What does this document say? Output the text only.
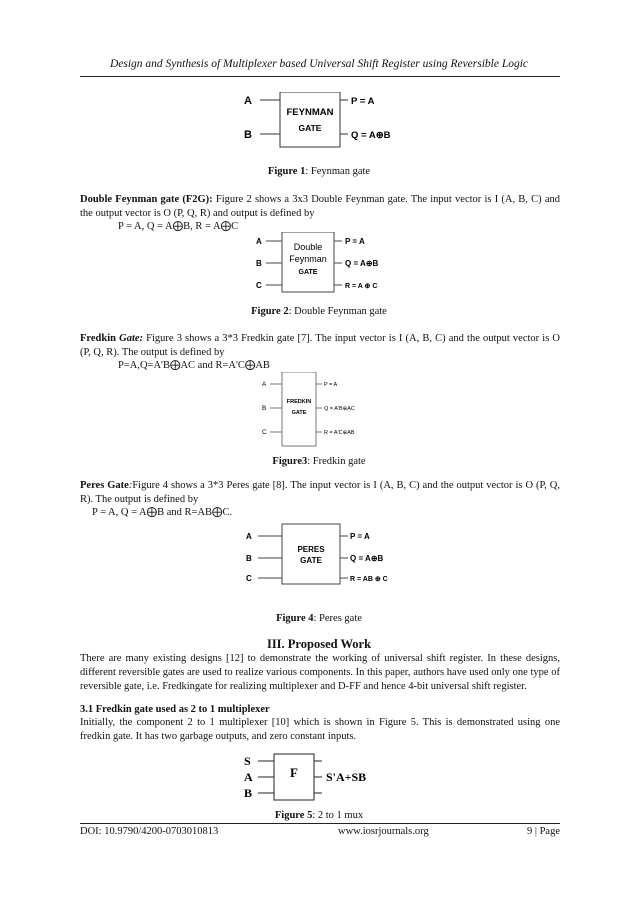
Design and Synthesis of Multiplexer based Universal Shift Register using Reversible Logic
A
B
FEYNMAN
GATE
P = A
Q = A⊕B
Figure 1: Feynman gate
Double Feynman gate (F2G): Figure 2 shows a 3x3 Double Feynman gate. The input vector is I (A, B, C) and the output vector is O (P, Q, R) and output is defined by
P = A, Q = A⨁B, R = A⨁C
A
B
C
Double
Feynman
GATE
P = A
Q = A⊕B
R = A ⊕ C
Figure 2: Double Feynman gate
Fredkin Gate: Figure 3 shows a 3*3 Fredkin gate [7]. The input vector is I (A, B, C) and the output vector is O (P, Q, R). The output is defined by
P=A,Q=A'B⨁AC and R=A'C⨁AB
A
B
C
FREDKIN
GATE
P = A
Q = A'B⊕AC
R = A'C⊕AB
Figure3: Fredkin gate
Peres Gate:Figure 4 shows a 3*3 Peres gate [8]. The input vector is I (A, B, C) and the output vector is O (P, Q, R). The output is defined by
P = A, Q = A⨁B and R=AB⨁C.
A
B
C
PERES
GATE
P = A
Q = A⊕B
R = AB ⊕ C
Figure 4: Peres gate
III. Proposed Work
There are many existing designs [12] to demonstrate the working of universal shift register. In these designs, different reversible gates are used to realize various components. In this paper, authors have used only one type of reversible gate, i.e. Fredkingate for realizing multiplexer and D-FF and hence 4-bit universal shift register.
3.1 Fredkin gate used as 2 to 1 multiplexer
Initially, the component 2 to 1 multiplexer [10] which is shown in Figure 5. This is demonstrated using one fredkin gate. It has two garbage outputs, and zero constant inputs.
S
A
B
F S'A+SB
Figure 5: 2 to 1 mux
DOI: 10.9790/4200-0703010813	www.iosrjournals.org	9 | Page
